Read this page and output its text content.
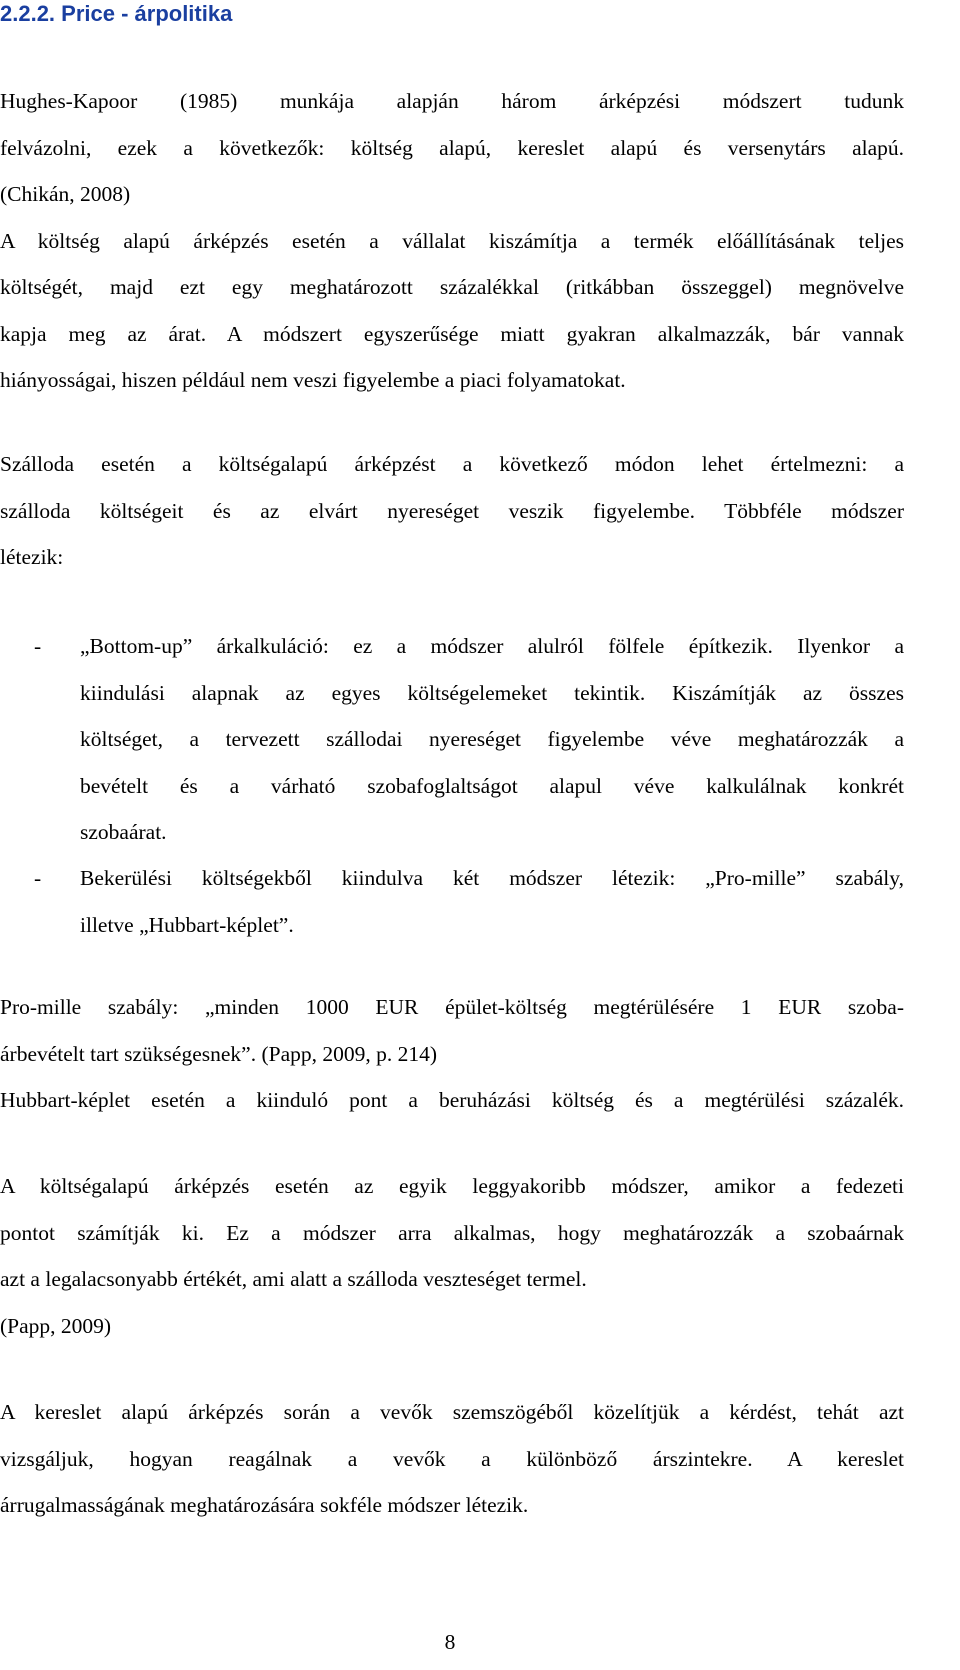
2.2.2. Price - árpolitika
Hughes-Kapoor (1985) munkája alapján három árképzési módszert tudunk
felvázolni, ezek a következők: költség alapú, kereslet alapú és versenytárs alapú.
(Chikán, 2008)
A költség alapú árképzés esetén a vállalat kiszámítja a termék előállításának teljes
költségét, majd ezt egy meghatározott százalékkal (ritkábban összeggel) megnövelve
kapja meg az árat. A módszert egyszerűsége miatt gyakran alkalmazzák, bár vannak
hiányosságai, hiszen például nem veszi figyelembe a piaci folyamatokat.
Szálloda esetén a költségalapú árképzést a következő módon lehet értelmezni: a
szálloda költségeit és az elvárt nyereséget veszik figyelembe. Többféle módszer
létezik:
- „Bottom-up” árkalkuláció: ez a módszer alulról fölfele építkezik. Ilyenkor a
kiindulási alapnak az egyes költségelemeket tekintik. Kiszámítják az összes
költséget, a tervezett szállodai nyereséget figyelembe véve meghatározzák a
bevételt és a várható szobafoglaltságot alapul véve kalkulálnak konkrét
szobaárat.
- Bekerülési költségekből kiindulva két módszer létezik: „Pro-mille” szabály,
illetve „Hubbart-képlet”.
Pro-mille szabály: „minden 1000 EUR épület-költség megtérülésére 1 EUR szoba-
árbevételt tart szükségesnek”. (Papp, 2009, p. 214)
Hubbart-képlet esetén a kiinduló pont a beruházási költség és a megtérülési százalék.
A költségalapú árképzés esetén az egyik leggyakoribb módszer, amikor a fedezeti
pontot számítják ki. Ez a módszer arra alkalmas, hogy meghatározzák a szobaárnak
azt a legalacsonyabb értékét, ami alatt a szálloda veszteséget termel.
(Papp, 2009)
A kereslet alapú árképzés során a vevők szemszögéből közelítjük a kérdést, tehát azt
vizsgáljuk, hogyan reagálnak a vevők a különböző árszintekre. A kereslet
árrugalmasságának meghatározására sokféle módszer létezik.
8
